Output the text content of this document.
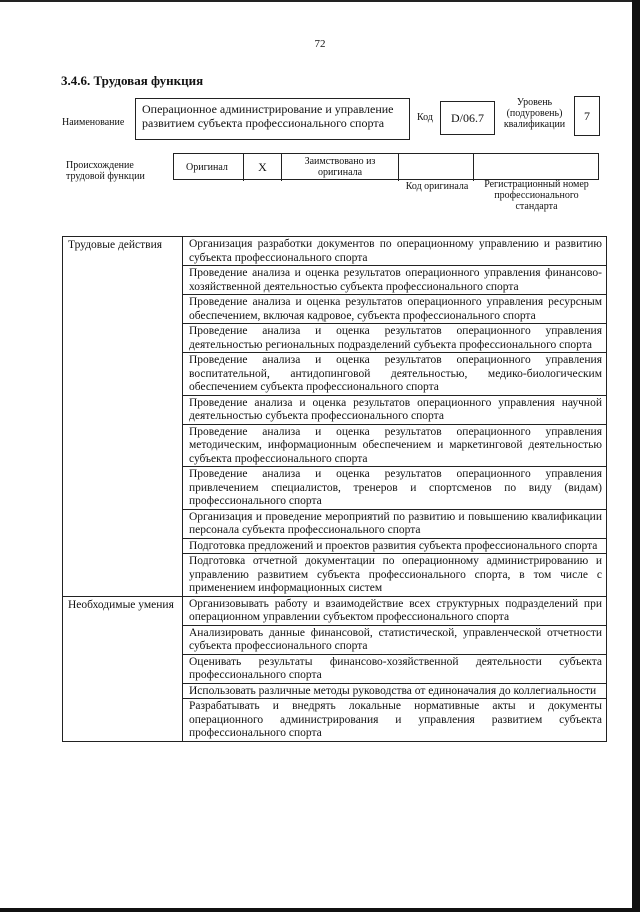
72
3.4.6. Трудовая функция
Наименование
Операционное администрирование и управление развитием субъекта профессионального спорта	Код	D/06.7
Уровень (подуровень) квалификации
7
Происхождение трудовой функции
Оригинал	X	Заимствовано из оригинала
Код оригинала	Регистрационный номер профессионального стандарта
Трудовые действия	Организация разработки документов по операционному управлению и развитию субъекта профессионального спорта
	Проведение анализа и оценка результатов операционного управления финансово-хозяйственной деятельностью субъекта профессионального спорта
	Проведение анализа и оценка результатов операционного управления ресурсным обеспечением, включая кадровое, субъекта профессионального спорта
	Проведение анализа и оценка результатов операционного управления деятельностью региональных подразделений субъекта профессионального спорта
	Проведение анализа и оценка результатов операционного управления воспитательной, антидопинговой деятельностью, медико-биологическим обеспечением субъекта профессионального спорта
	Проведение анализа и оценка результатов операционного управления научной деятельностью субъекта профессионального спорта
	Проведение анализа и оценка результатов операционного управления методическим, информационным обеспечением и маркетинговой деятельностью субъекта профессионального спорта
	Проведение анализа и оценка результатов операционного управления привлечением специалистов, тренеров и спортсменов по виду (видам) профессионального спорта
	Организация и проведение мероприятий по развитию и повышению квалификации персонала субъекта профессионального спорта
	Подготовка предложений и проектов развития субъекта профессионального спорта
	Подготовка отчетной документации по операционному администрированию и управлению развитием субъекта профессионального спорта, в том числе с применением информационных систем
Необходимые умения	Организовывать работу и взаимодействие всех структурных подразделений при операционном управлении субъектом профессионального спорта
	Анализировать данные финансовой, статистической, управленческой отчетности субъекта профессионального спорта
	Оценивать результаты финансово-хозяйственной деятельности субъекта профессионального спорта
	Использовать различные методы руководства от единоначалия до коллегиальности
	Разрабатывать и внедрять локальные нормативные акты и документы операционного администрирования и управления развитием субъекта профессионального спорта
